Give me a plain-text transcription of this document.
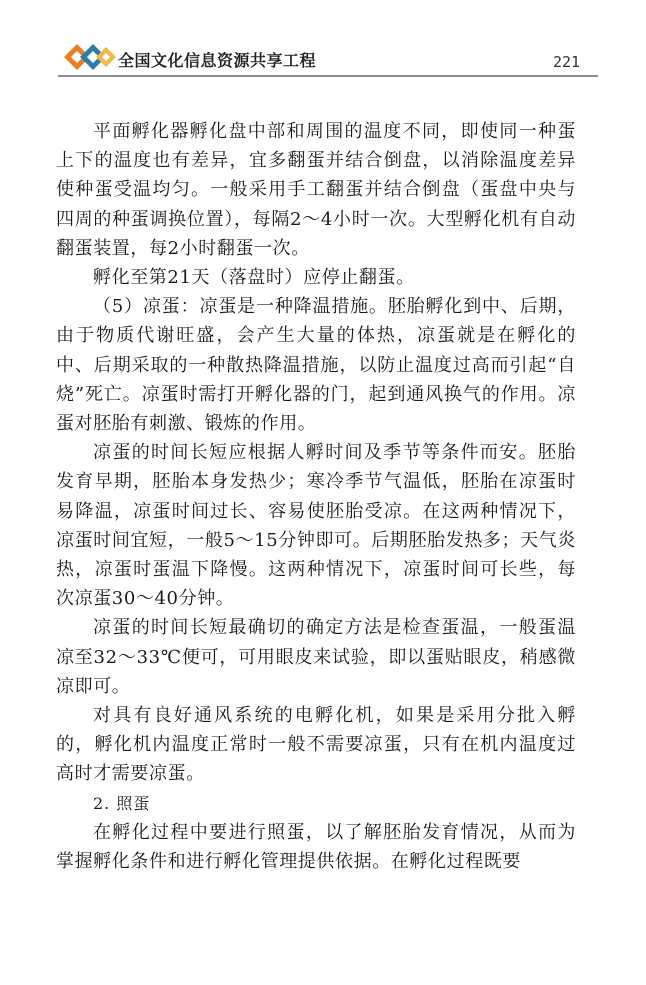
全国文化信息资源共享工程	221

平面孵化器孵化盘中部和周围的温度不同，即使同一种蛋上下的温度也有差异，宜多翻蛋并结合倒盘，以消除温度差异使种蛋受温均匀。一般采用手工翻蛋并结合倒盘（蛋盘中央与四周的种蛋调换位置），每隔2～4小时一次。大型孵化机有自动翻蛋装置，每2小时翻蛋一次。

孵化至第21天（落盘时）应停止翻蛋。

（5）凉蛋：凉蛋是一种降温措施。胚胎孵化到中、后期，由于物质代谢旺盛，会产生大量的体热，凉蛋就是在孵化的中、后期采取的一种散热降温措施，以防止温度过高而引起“自烧”死亡。凉蛋时需打开孵化器的门，起到通风换气的作用。凉蛋对胚胎有刺激、锻炼的作用。

凉蛋的时间长短应根据人孵时间及季节等条件而安。胚胎发育早期，胚胎本身发热少；寒冷季节气温低，胚胎在凉蛋时易降温，凉蛋时间过长、容易使胚胎受凉。在这两种情况下，凉蛋时间宜短，一般5～15分钟即可。后期胚胎发热多；天气炎热，凉蛋时蛋温下降慢。这两种情况下，凉蛋时间可长些，每次凉蛋30～40分钟。

凉蛋的时间长短最确切的确定方法是检查蛋温，一般蛋温凉至32～33℃便可，可用眼皮来试验，即以蛋贴眼皮，稍感微凉即可。

对具有良好通风系统的电孵化机，如果是采用分批入孵的，孵化机内温度正常时一般不需要凉蛋，只有在机内温度过高时才需要凉蛋。

2. 照蛋

在孵化过程中要进行照蛋，以了解胚胎发育情况，从而为掌握孵化条件和进行孵化管理提供依据。在孵化过程既要
